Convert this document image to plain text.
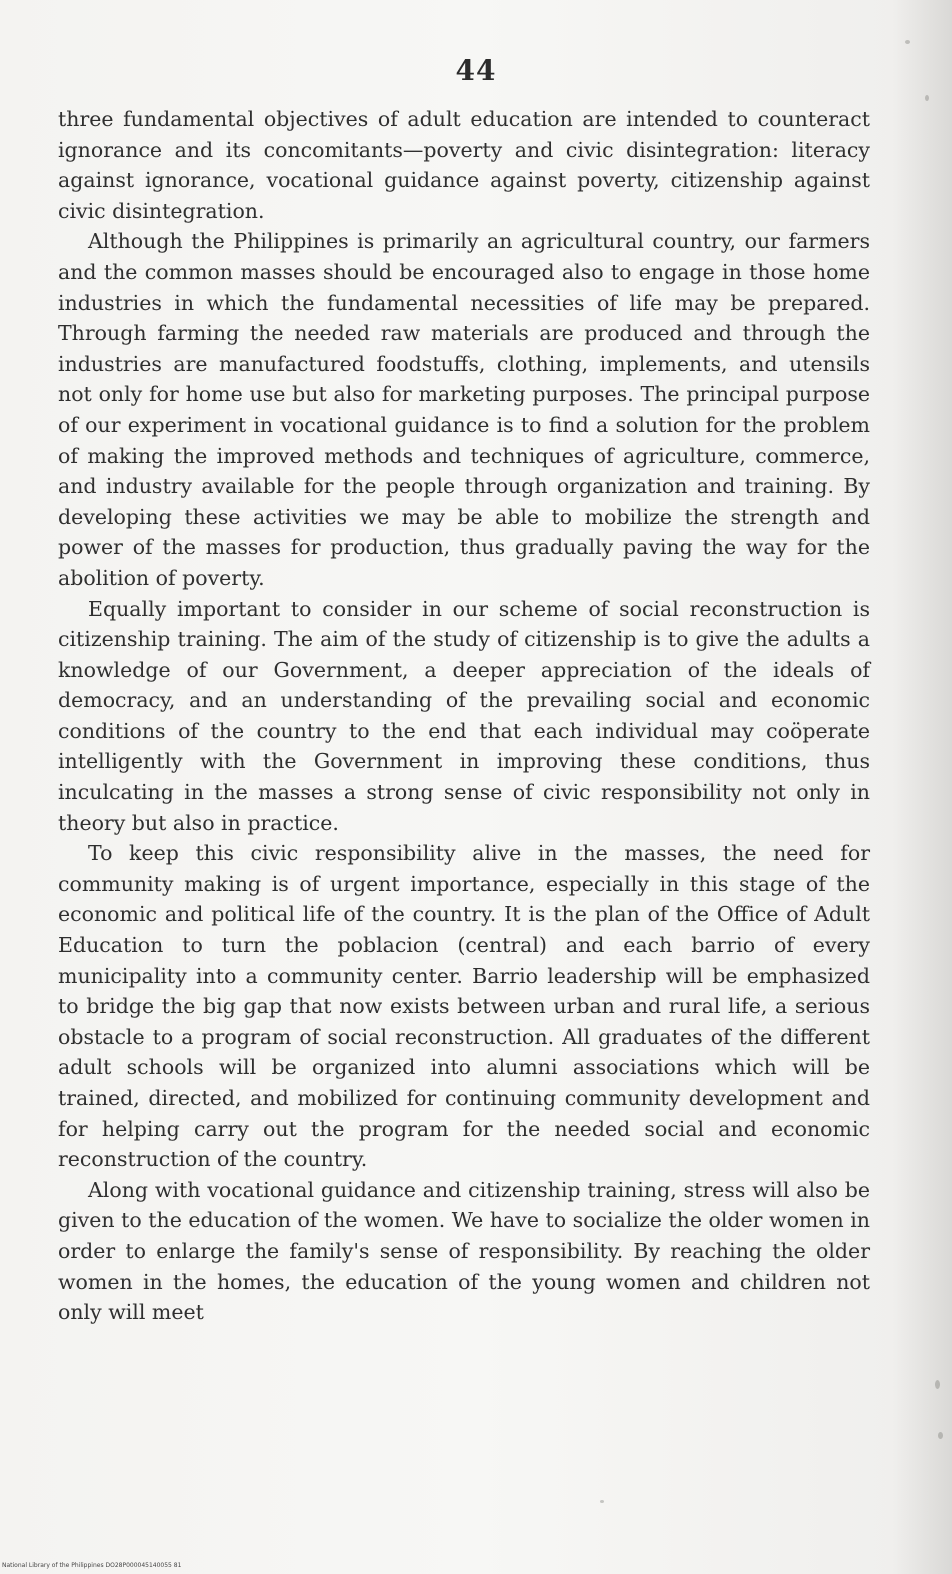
44

three fundamental objectives of adult education are intended to counteract ignorance and its concomitants—poverty and civic disintegration: literacy against ignorance, vocational guidance against poverty, citizenship against civic disintegration.

Although the Philippines is primarily an agricultural country, our farmers and the common masses should be encouraged also to engage in those home industries in which the fundamental necessities of life may be prepared. Through farming the needed raw materials are produced and through the industries are manufactured foodstuffs, clothing, implements, and utensils not only for home use but also for marketing purposes. The principal purpose of our experiment in vocational guidance is to find a solution for the problem of making the improved methods and techniques of agriculture, commerce, and industry available for the people through organization and training. By developing these activities we may be able to mobilize the strength and power of the masses for production, thus gradually paving the way for the abolition of poverty.

Equally important to consider in our scheme of social reconstruction is citizenship training. The aim of the study of citizenship is to give the adults a knowledge of our Government, a deeper appreciation of the ideals of democracy, and an understanding of the prevailing social and economic conditions of the country to the end that each individual may coöperate intelligently with the Government in improving these conditions, thus inculcating in the masses a strong sense of civic responsibility not only in theory but also in practice.

To keep this civic responsibility alive in the masses, the need for community making is of urgent importance, especially in this stage of the economic and political life of the country. It is the plan of the Office of Adult Education to turn the poblacion (central) and each barrio of every municipality into a community center. Barrio leadership will be emphasized to bridge the big gap that now exists between urban and rural life, a serious obstacle to a program of social reconstruction. All graduates of the different adult schools will be organized into alumni associations which will be trained, directed, and mobilized for continuing community development and for helping carry out the program for the needed social and economic reconstruction of the country.

Along with vocational guidance and citizenship training, stress will also be given to the education of the women. We have to socialize the older women in order to enlarge the family's sense of responsibility. By reaching the older women in the homes, the education of the young women and children not only will meet

National Library of the Philippines DO28P000045140055 81
